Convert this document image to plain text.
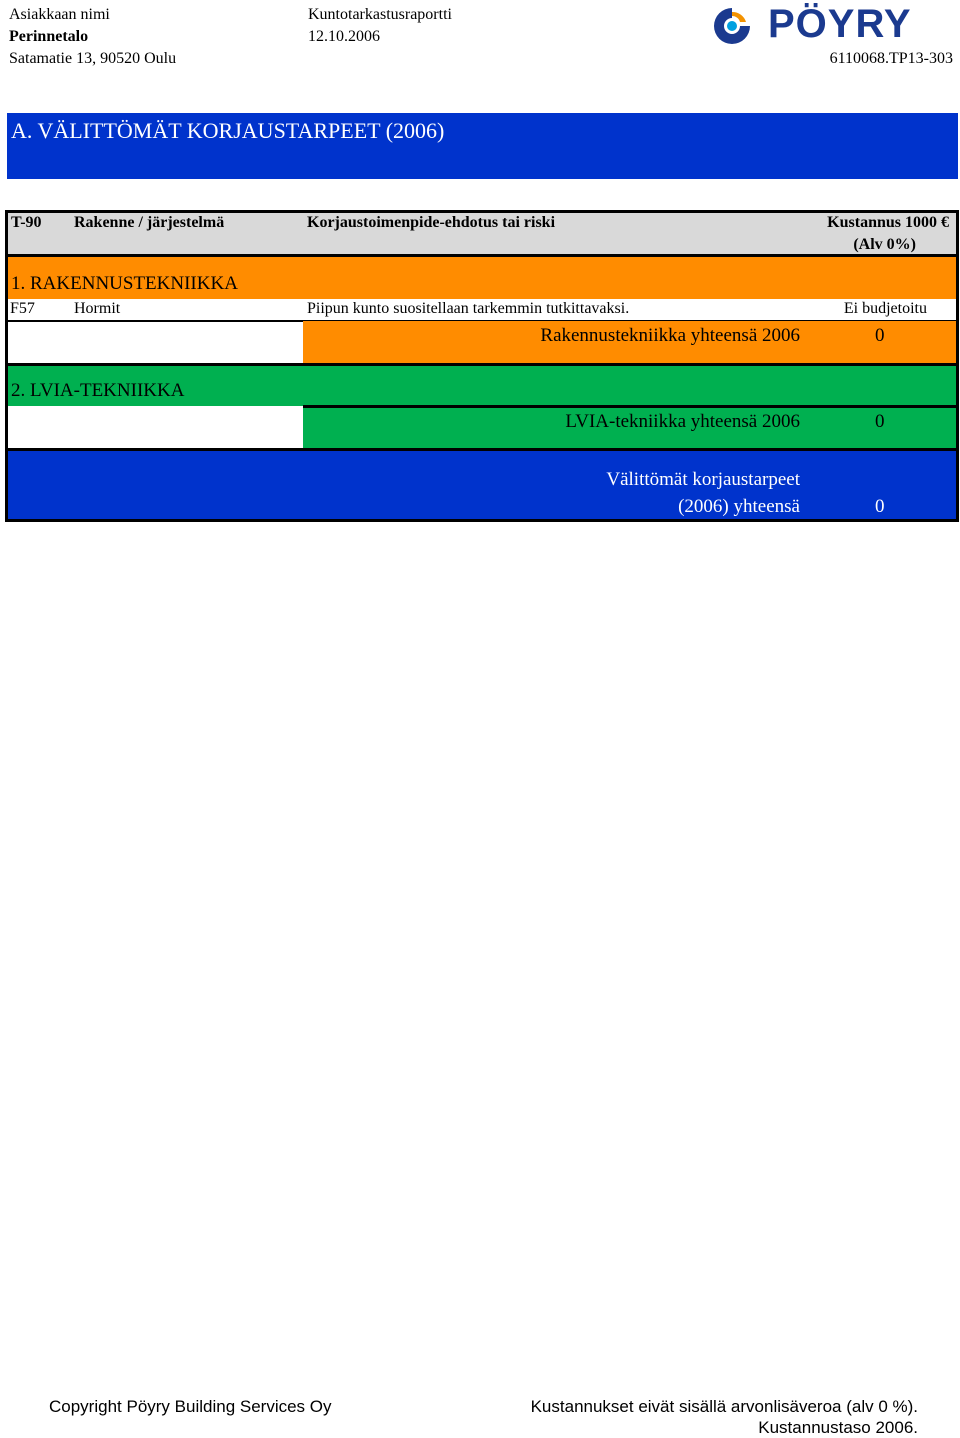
Asiakkaan nimi
Perinnetalo
Satamatie 13, 90520 Oulu
Kuntotarkastusraportti
12.10.2006
6110068.TP13-303
PÖYRY
A. VÄLITTÖMÄT KORJAUSTARPEET (2006)
T-90 Rakenne / järjestelmä	Korjaustoimenpide-ehdotus tai riski	Kustannus 1000 €
(Alv 0%)
1. RAKENNUSTEKNIIKKA
F57 Hormit	Piipun kunto suositellaan tarkemmin tutkittavaksi.	Ei budjetoitu
Rakennustekniikka yhteensä 2006	0
2. LVIA-TEKNIIKKA
LVIA-tekniikka yhteensä 2006	0
Välittömät korjaustarpeet
(2006) yhteensä	0
Copyright Pöyry Building Services Oy	Kustannukset eivät sisällä arvonlisäveroa (alv 0 %).
Kustannustaso 2006.
